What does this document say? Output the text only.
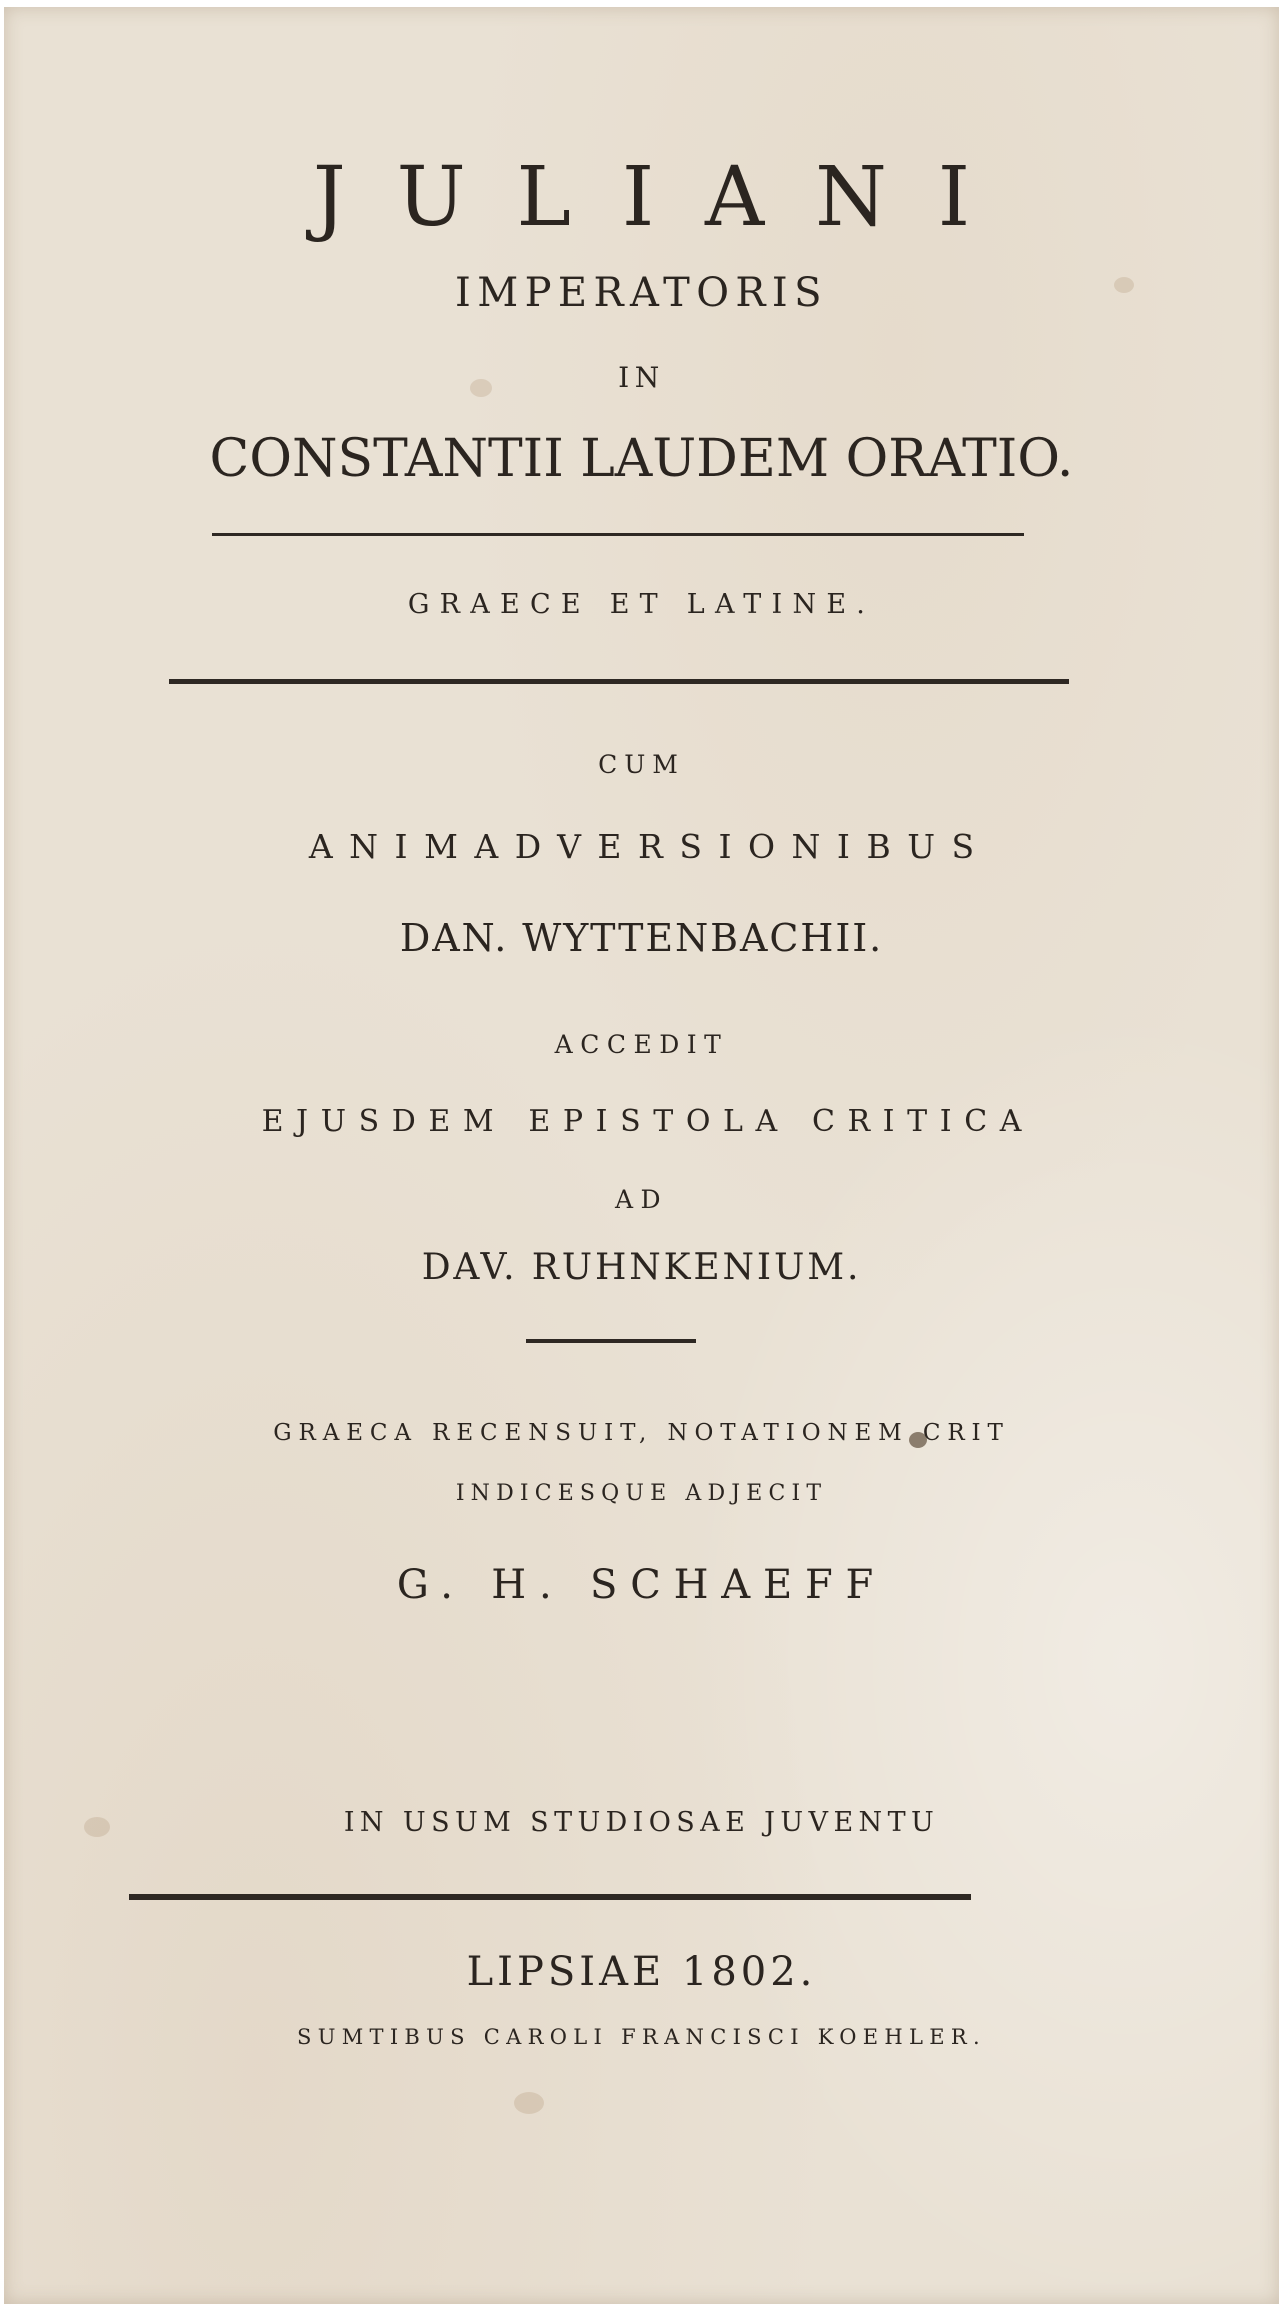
JULIANI
IMPERATORIS
IN
CONSTANTII LAUDEM ORATIO.
GRAECE ET LATINE.
CUM
ANIMADVERSIONIBUS
DAN. WYTTENBACHII.
ACCEDIT
EJUSDEM EPISTOLA CRITICA
AD
DAV. RUHNKENIUM.
GRAECA RECENSUIT, NOTATIONEM CRIT
INDICESQUE ADJECIT
G. H. SCHAEFF
IN USUM STUDIOSAE JUVENTU
LIPSIAE 1802.
SUMTIBUS CAROLI FRANCISCI KOEHLER.
